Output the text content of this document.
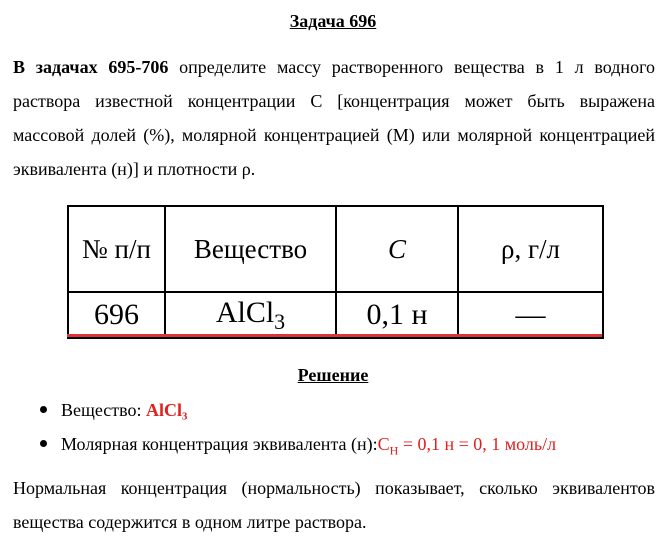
Задача 696
В задачах 695-706 определите массу растворенного вещества в 1 л водного раствора известной концентрации С [концентрация может быть выражена массовой долей (%), молярной концентрацией (М) или молярной концентрацией эквивалента (н)] и плотности ρ.
№ п/п	Вещество	C	ρ, г/л
696	AlCl$_3$	0,1 н	—
Решение
Вещество: AlCl₃
Молярная концентрация эквивалента $(н):C_H = 0,1$ н = 0, 1 моль/л
Нормальная концентрация (нормальность) показывает, сколько эквивалентов вещества содержится в одном литре раствора.
